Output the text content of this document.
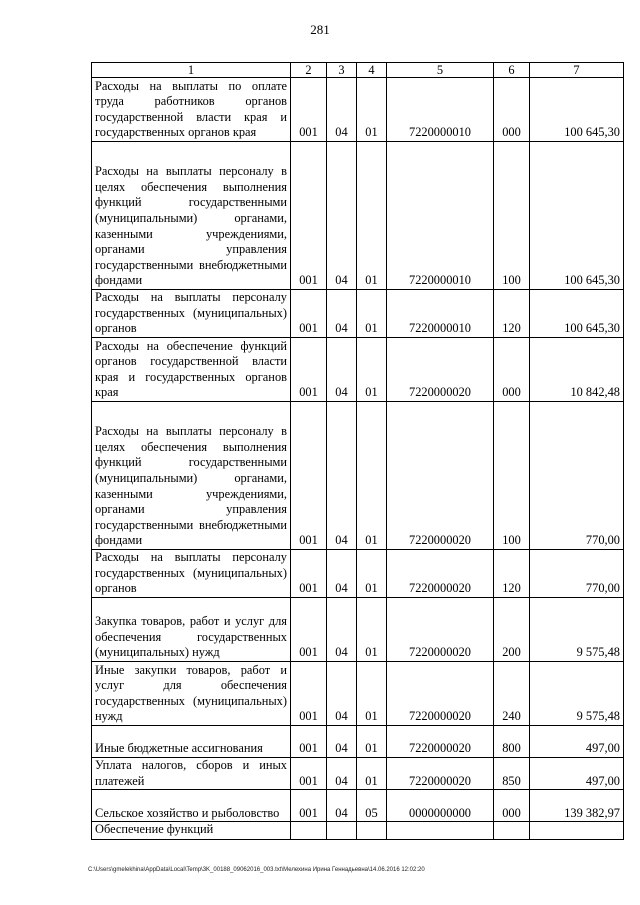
281
1	2	3	4	5	6	7
Расходы на выплаты по оплате труда работников органов государственной власти края и государственных органов края	001	04	01	7220000010	000	100 645,30
Расходы на выплаты персоналу в целях обеспечения выполнения функций государственными (муниципальными) органами, казенными учреждениями, органами управления государственными внебюджетными фондами	001	04	01	7220000010	100	100 645,30
Расходы на выплаты персоналу государственных (муниципальных) органов	001	04	01	7220000010	120	100 645,30
Расходы на обеспечение функций органов государственной власти края и государственных органов края	001	04	01	7220000020	000	10 842,48
Расходы на выплаты персоналу в целях обеспечения выполнения функций государственными (муниципальными) органами, казенными учреждениями, органами управления государственными внебюджетными фондами	001	04	01	7220000020	100	770,00
Расходы на выплаты персоналу государственных (муниципальных) органов	001	04	01	7220000020	120	770,00
Закупка товаров, работ и услуг для обеспечения государственных (муниципальных) нужд	001	04	01	7220000020	200	9 575,48
Иные закупки товаров, работ и услуг для обеспечения государственных (муниципальных) нужд	001	04	01	7220000020	240	9 575,48
Иные бюджетные ассигнования	001	04	01	7220000020	800	497,00
Уплата налогов, сборов и иных платежей	001	04	01	7220000020	850	497,00
Сельское хозяйство и рыболовство	001	04	05	0000000000	000	139 382,97
Обеспечение функций						
C:\Users\gmelekhina\AppData\Local\Temp\3K_00188_09062016_003.txt\Мелехина Ирина Геннадьевна\14.06.2016 12:02:20
